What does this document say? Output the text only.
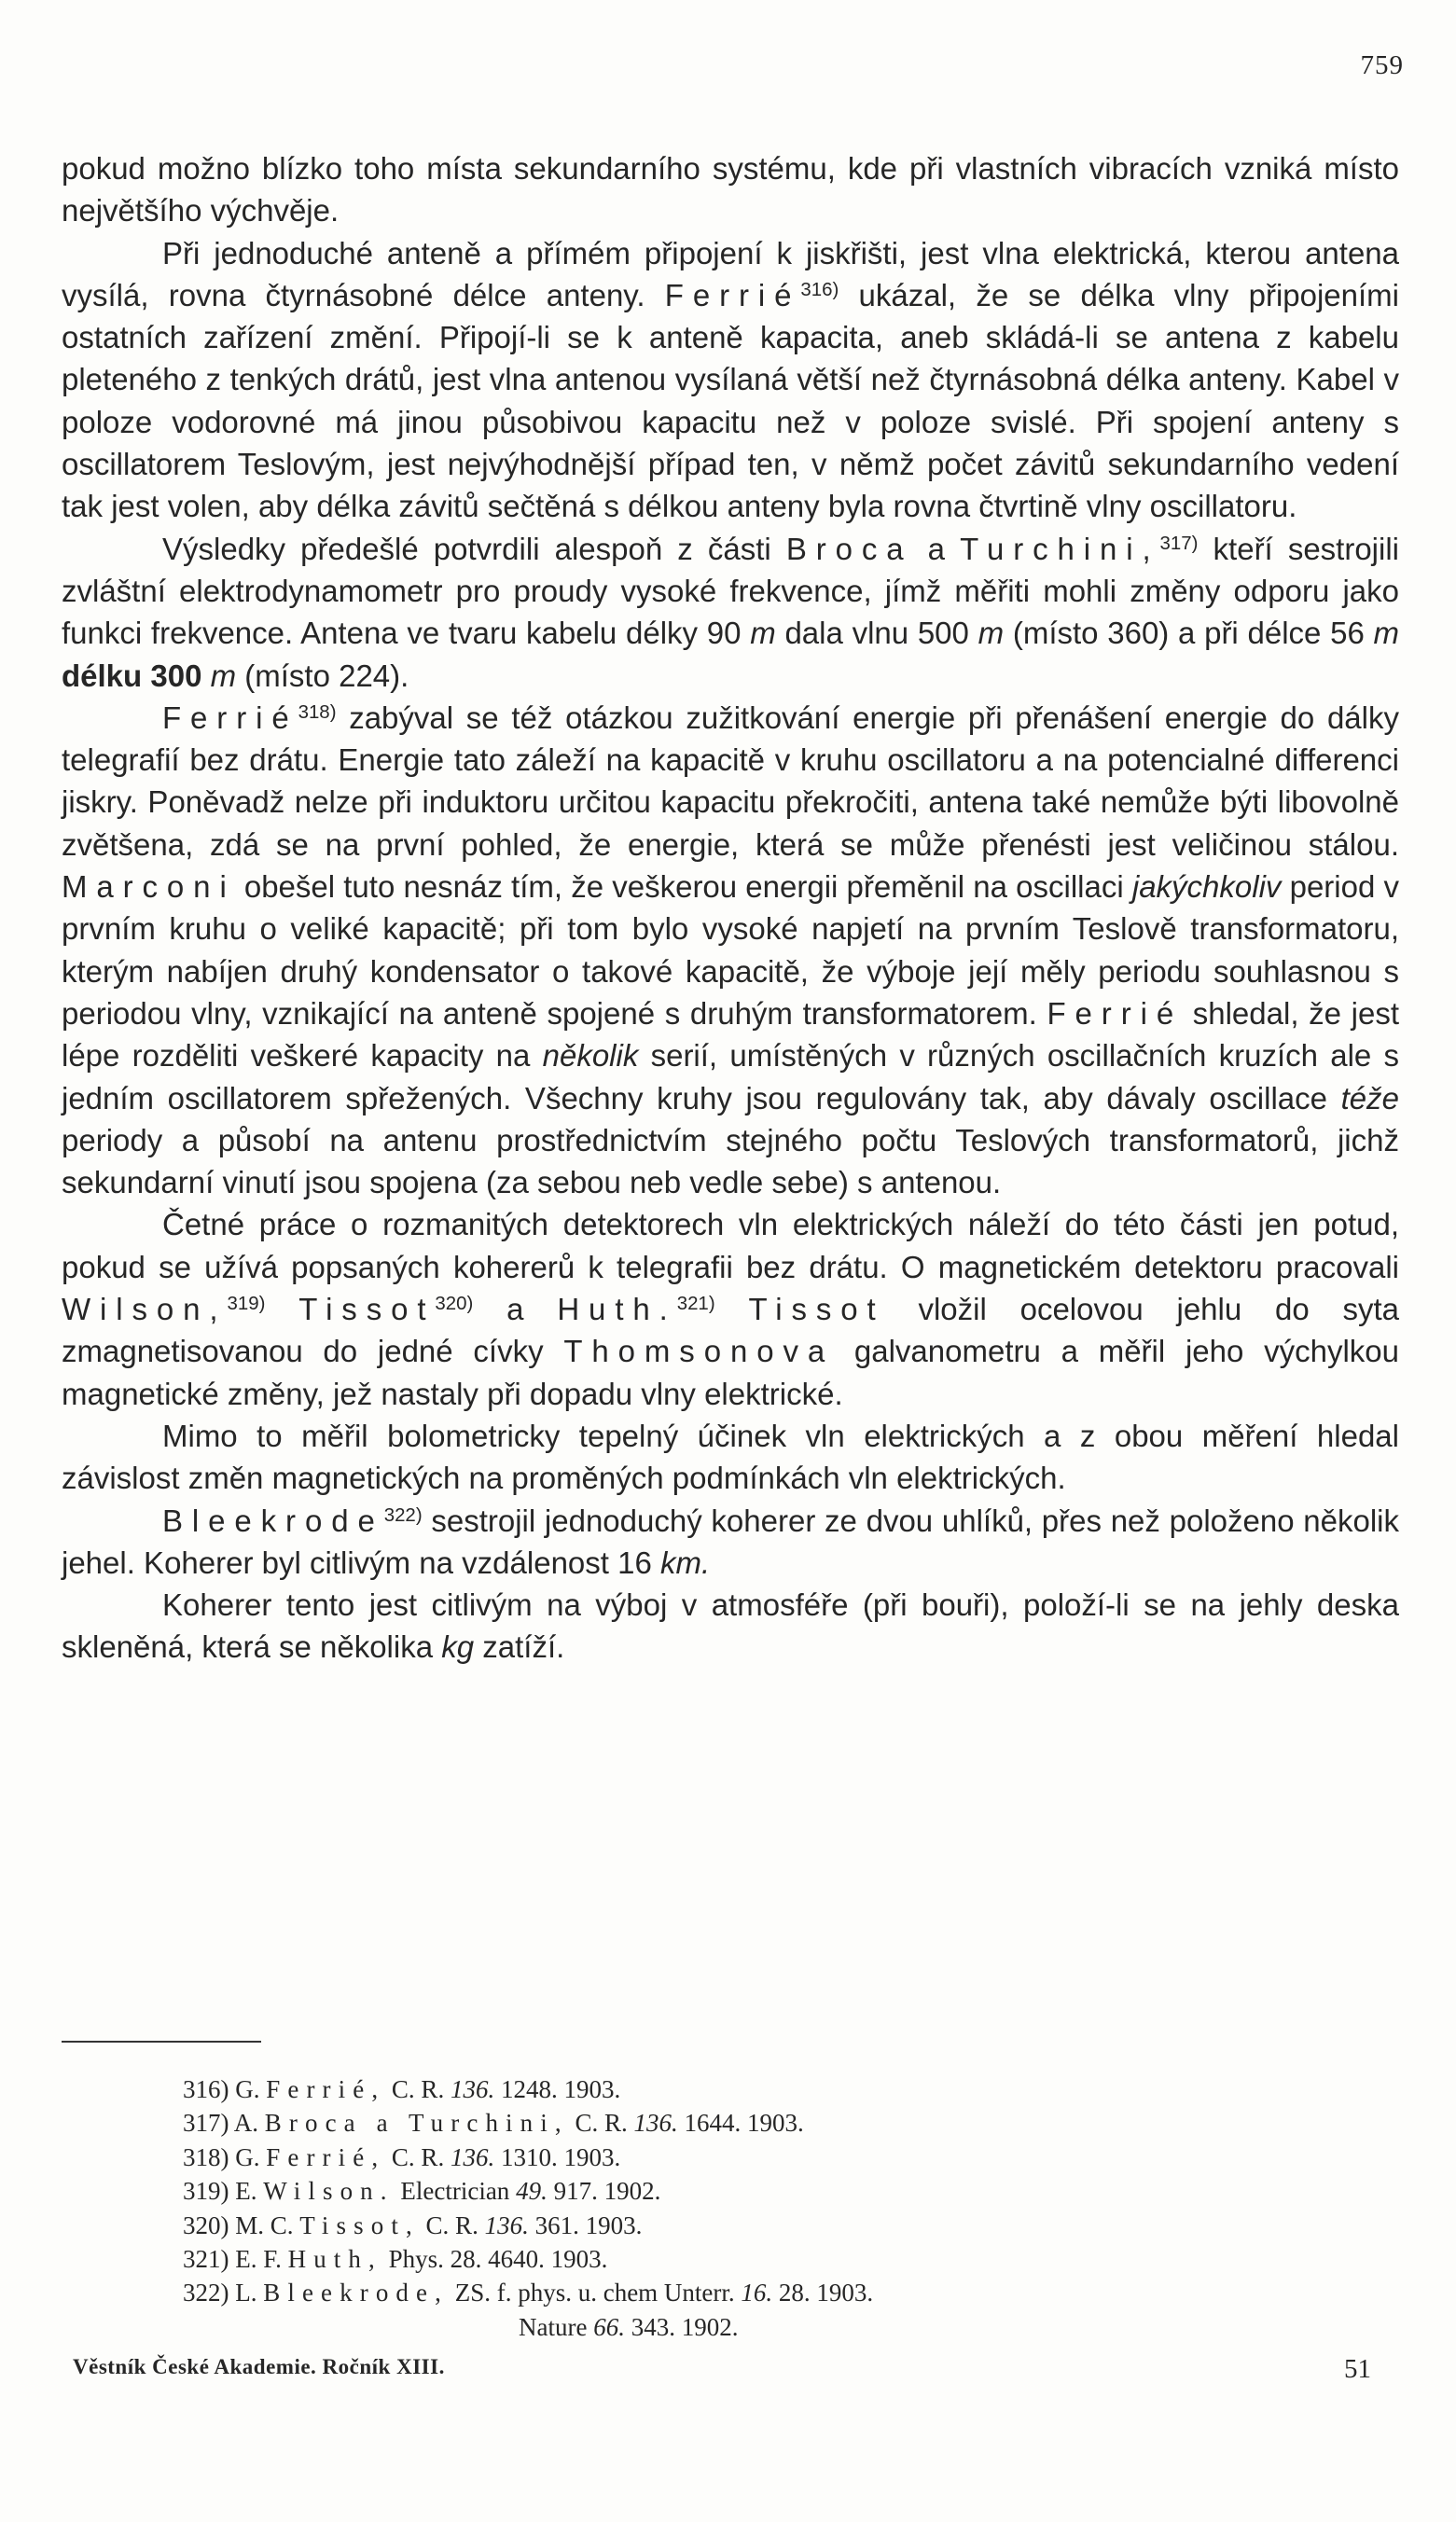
759

pokud možno blízko toho místa sekundarního systému, kde při vlastních vibracích vzniká místo největšího výchvěje.

Při jednoduché anteně a přímém připojení k jiskřišti, jest vlna elektrická, kterou antena vysílá, rovna čtyrnásobné délce anteny. Ferrié$^{316)}$ ukázal, že se délka vlny připojeními ostatních zařízení změní. Připojí-li se k anteně kapacita, aneb skládá-li se antena z kabelu pleteného z tenkých drátů, jest vlna antenou vysílaná větší než čtyrnásobná délka anteny. Kabel v poloze vodorovné má jinou působivou kapacitu než v poloze svislé. Při spojení anteny s oscillatorem Teslovým, jest nejvýhodnější případ ten, v němž počet závitů sekundarního vedení tak jest volen, aby délka závitů sečtěná s délkou anteny byla rovna čtvrtině vlny oscillatoru.

Výsledky předešlé potvrdili alespoň z části Broca a Turchini,$^{317)}$ kteří sestrojili zvláštní elektrodynamometr pro proudy vysoké frekvence, jímž měřiti mohli změny odporu jako funkci frekvence. Antena ve tvaru kabelu délky 90 m dala vlnu 500 m (místo 360) a při délce 56 m délku 300 m (místo 224).

Ferrié$^{318)}$ zabýval se též otázkou zužitkování energie při přenášení energie do dálky telegrafií bez drátu. Energie tato záleží na kapacitě v kruhu oscillatoru a na potencialné differenci jiskry. Poněvadž nelze při induktoru určitou kapacitu překročiti, antena také nemůže býti libovolně zvětšena, zdá se na první pohled, že energie, která se může přenésti jest veličinou stálou. Marconi obešel tuto nesnáz tím, že veškerou energii přeměnil na oscillaci jakýchkoliv period v prvním kruhu o veliké kapacitě; při tom bylo vysoké napjetí na prvním Teslově transformatoru, kterým nabíjen druhý kondensator o takové kapacitě, že výboje její měly periodu souhlasnou s periodou vlny, vznikající na anteně spojené s druhým transformatorem. Ferrié shledal, že jest lépe rozděliti veškeré kapacity na několik serií, umístěných v různých oscillačních kruzích ale s jedním oscillatorem spřežených. Všechny kruhy jsou regulovány tak, aby dávaly oscillace téže periody a působí na antenu prostřednictvím stejného počtu Teslových transformatorů, jichž sekundarní vinutí jsou spojena (za sebou neb vedle sebe) s antenou.

Četné práce o rozmanitých detektorech vln elektrických náleží do této části jen potud, pokud se užívá popsaných kohererů k telegrafii bez drátu. O magnetickém detektoru pracovali Wilson,$^{319)}$ Tissot$^{320)}$ a Huth.$^{321)}$ Tissot vložil ocelovou jehlu do syta zmagnetisovanou do jedné cívky Thomsonova galvanometru a měřil jeho výchylkou magnetické změny, jež nastaly při dopadu vlny elektrické.

Mimo to měřil bolometricky tepelný účinek vln elektrických a z obou měření hledal závislost změn magnetických na proměných podmínkách vln elektrických.

Bleekrode$^{322)}$ sestrojil jednoduchý koherer ze dvou uhlíků, přes než položeno několik jehel. Koherer byl citlivým na vzdálenost 16 km.

Koherer tento jest citlivým na výboj v atmosféře (při bouři), položí-li se na jehly deska skleněná, která se několika kg zatíží.

316) G. Ferrié, C. R. 136. 1248. 1903.

317) A. Broca a Turchini, C. R. 136. 1644. 1903.

318) G. Ferrié, C. R. 136. 1310. 1903.

319) E. Wilson. Electrician 49. 917. 1902.

320) M. C. Tissot, C. R. 136. 361. 1903.

321) E. F. Huth, Phys. 28. 4640. 1903.

322) L. Bleekrode, ZS. f. phys. u. chem Unterr. 16. 28. 1903.

Nature 66. 343. 1902.

Věstník České Akademie. Ročník XIII.	51
